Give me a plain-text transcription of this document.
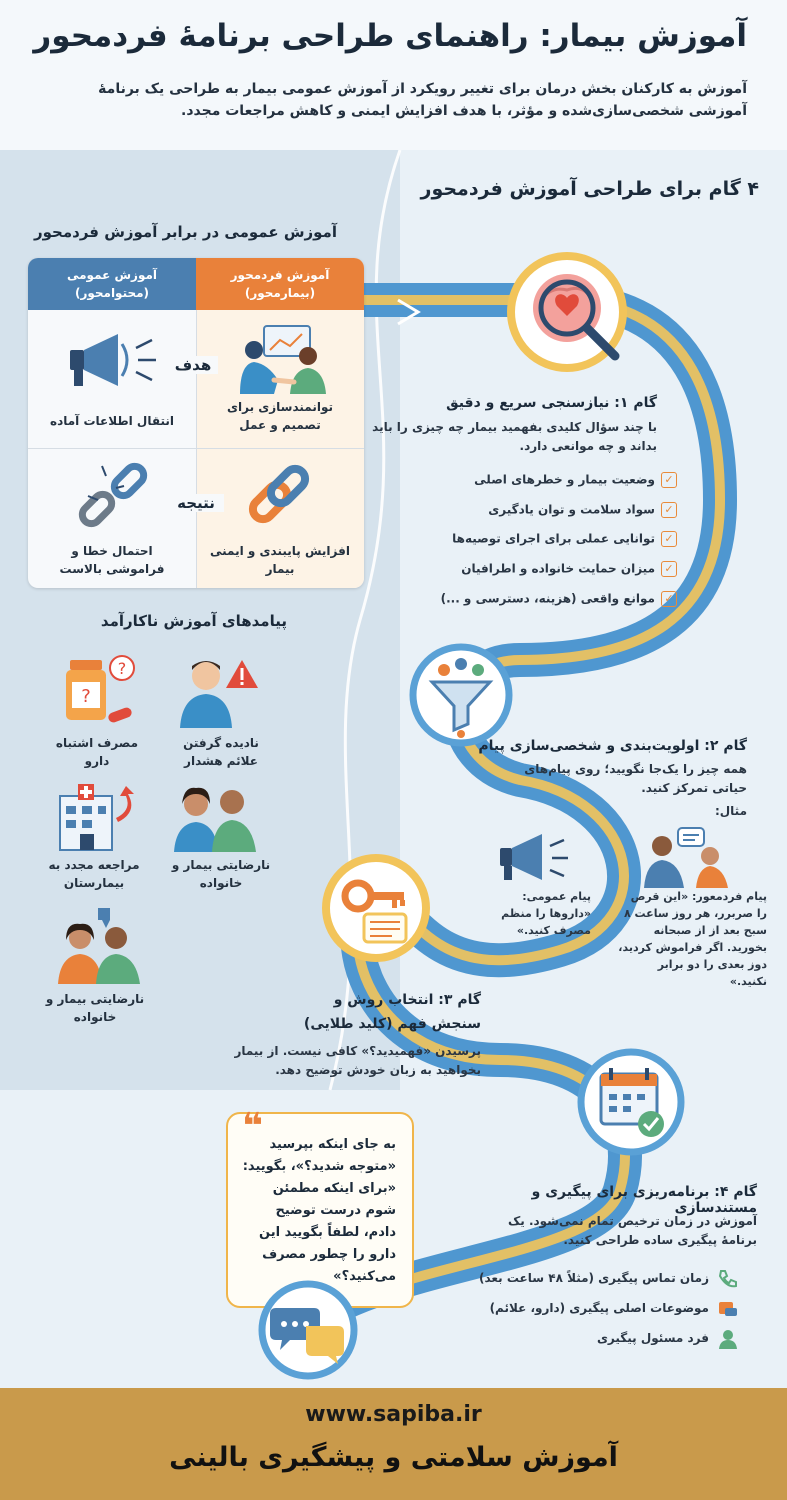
آموزش بیمار: راهنمای طراحی برنامهٔ فردمحور
آموزش به کارکنان بخش درمان برای تغییر رویکرد از آموزش عمومی بیمار به طراحی یک برنامهٔ آموزشی شخصی‌سازی‌شده و مؤثر، با هدف افزایش ایمنی و کاهش مراجعات مجدد.
آموزش عمومی در برابر آموزش فردمحور
آموزش فردمحور (بیمارمحور)
آموزش عمومی (محتوامحور)
توانمندسازی برای تصمیم و عمل
انتقال اطلاعات آماده
افزایش پایبندی و ایمنی بیمار
احتمال خطا و فراموشی بالاست
هدف
نتیجه
پیامدهای آموزش ناکارآمد
نادیده گرفتن علائم هشدار
?
?
مصرف اشتباه دارو
نارضایتی بیمار و خانواده
مراجعه مجدد به بیمارستان
نارضایتی بیمار و خانواده
۴ گام برای طراحی آموزش فردمحور
گام ۱: نیازسنجی سریع و دقیق
با چند سؤال کلیدی بفهمید بیمار چه چیزی را باید بداند و چه موانعی دارد.
✓وضعیت بیمار و خطرهای اصلی
✓سواد سلامت و توان یادگیری
✓توانایی عملی برای اجرای توصیه‌ها
✓میزان حمایت خانواده و اطرافیان
✓موانع واقعی (هزینه، دسترسی و ...)
گام ۲: اولویت‌بندی و شخصی‌سازی پیام
همه چیز را یک‌جا نگویید؛ روی پیام‌های حیاتی تمرکز کنید.
مثال:
پیام فردمعور: «این قرص را صربرر، هر روز ساعت ۸ سبح بعد از از صبحانه بخورید. اگر فراموش کردید، دوز بعدی را دو برابر نکنید.»
پیام عمومی: «داروها را منظم مصرف کنید.»
گام ۳: انتخاب روش و سنجش فهم (کلید طلایی)
پرسیدن «فهمیدید؟» کافی نیست. از بیمار بخواهید به زبان خودش توضیح دهد.
❝ به جای اینکه بپرسید «متوجه شدید؟»، بگویید: «برای اینکه مطمئن شوم درست توضیح دادم، لطفاً بگویید این دارو را چطور مصرف می‌کنید؟»
گام ۴: برنامه‌ریزی برای پیگیری و مستندسازی
آموزش در زمان ترخیص تمام نمی‌شود. یک برنامهٔ پیگیری ساده طراحی کنید.
زمان تماس پیگیری (مثلاً ۴۸ ساعت بعد)
موضوعات اصلی پیگیری (دارو، علائم)
فرد مسئول پیگیری
www.sapiba.ir
آموزش سلامتی و پیشگیری بالینی
